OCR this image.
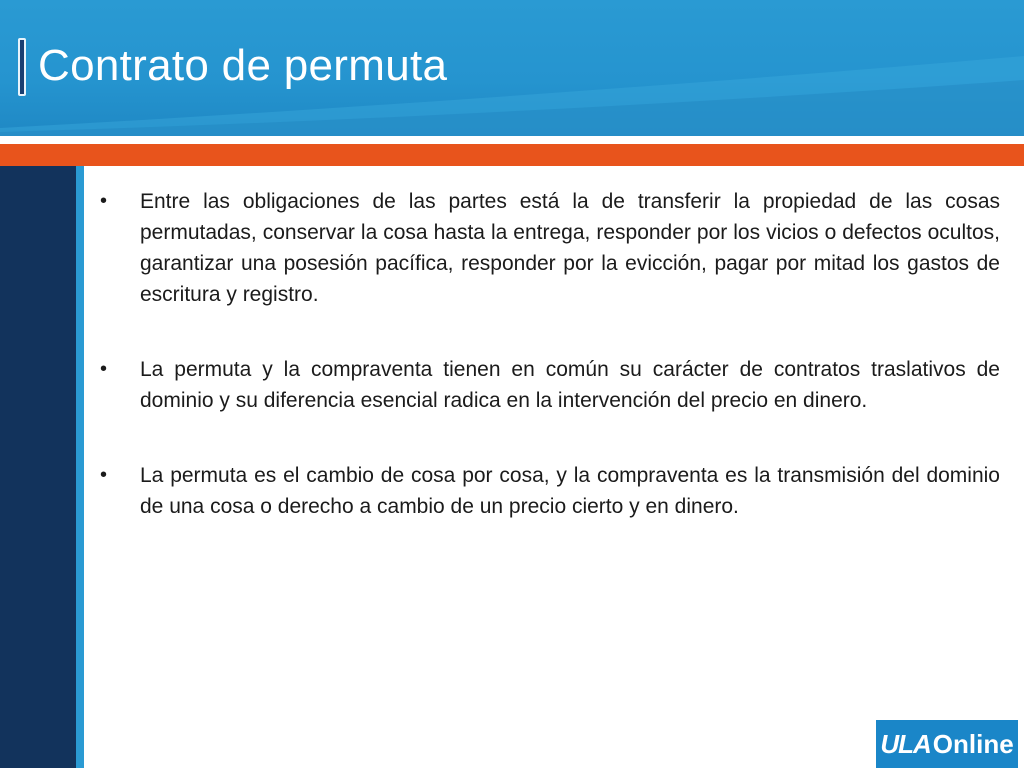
Contrato de permuta
• Entre las obligaciones de las partes está la de transferir la propiedad de las cosas permutadas, conservar la cosa hasta la entrega, responder por los vicios o defectos ocultos, garantizar una posesión pacífica, responder por la evicción, pagar por mitad los gastos de escritura y registro.
• La permuta y la compraventa tienen en común su carácter de contratos traslativos de dominio y su diferencia esencial radica en la intervención del precio en dinero.
• La permuta es el cambio de cosa por cosa, y la compraventa es la transmisión del dominio de una cosa o derecho a cambio de un precio cierto y en dinero.
ULA Online
